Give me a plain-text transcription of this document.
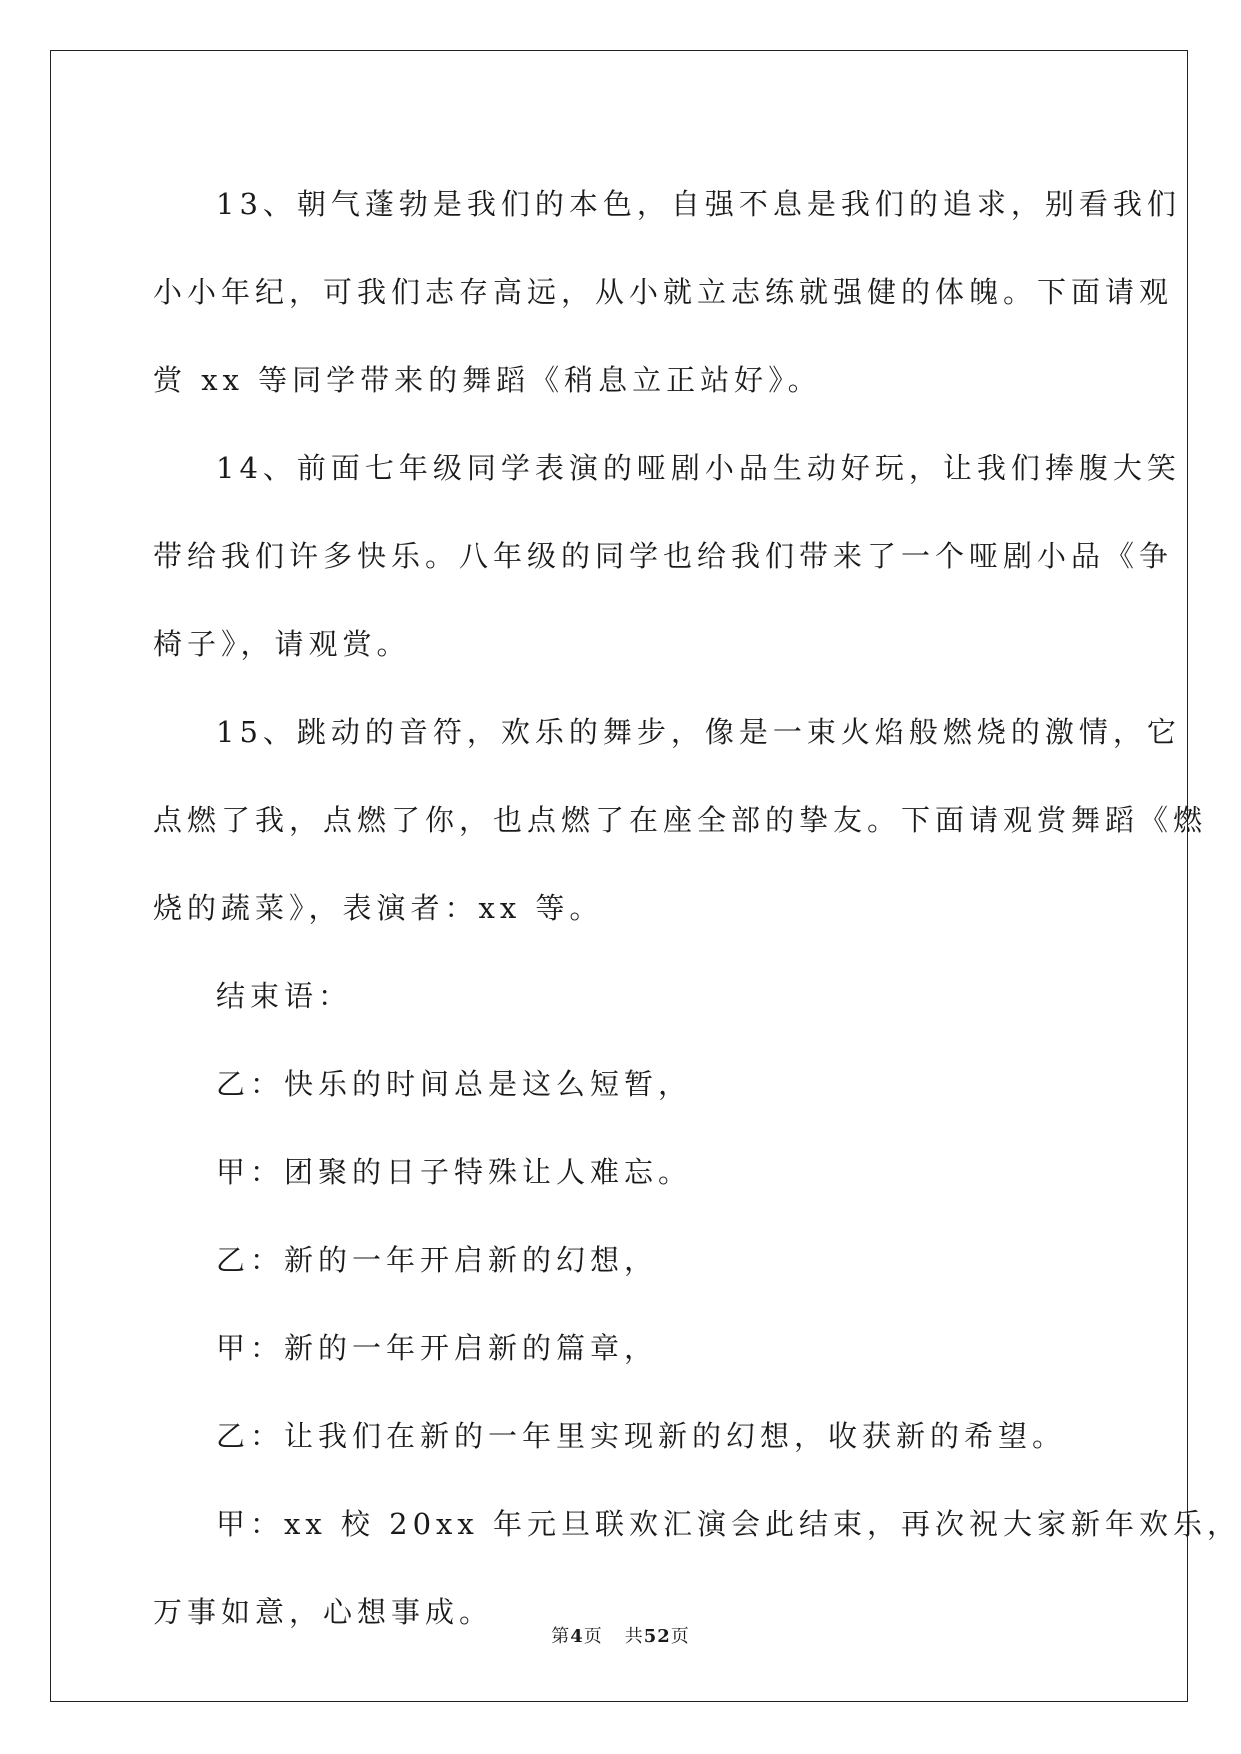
13、朝气蓬勃是我们的本色，自强不息是我们的追求，别看我们

小小年纪，可我们志存高远，从小就立志练就强健的体魄。下面请观

赏 xx 等同学带来的舞蹈《稍息立正站好》。

14、前面七年级同学表演的哑剧小品生动好玩，让我们捧腹大笑

带给我们许多快乐。八年级的同学也给我们带来了一个哑剧小品《争

椅子》，请观赏。

15、跳动的音符，欢乐的舞步，像是一束火焰般燃烧的激情，它

点燃了我，点燃了你，也点燃了在座全部的挚友。下面请观赏舞蹈《燃

烧的蔬菜》，表演者：xx 等。

结束语：

乙：快乐的时间总是这么短暂，

甲：团聚的日子特殊让人难忘。

乙：新的一年开启新的幻想，

甲：新的一年开启新的篇章，

乙：让我们在新的一年里实现新的幻想，收获新的希望。

甲：xx 校 20xx 年元旦联欢汇演会此结束，再次祝大家新年欢乐，

万事如意，心想事成。

第4页 共52页
